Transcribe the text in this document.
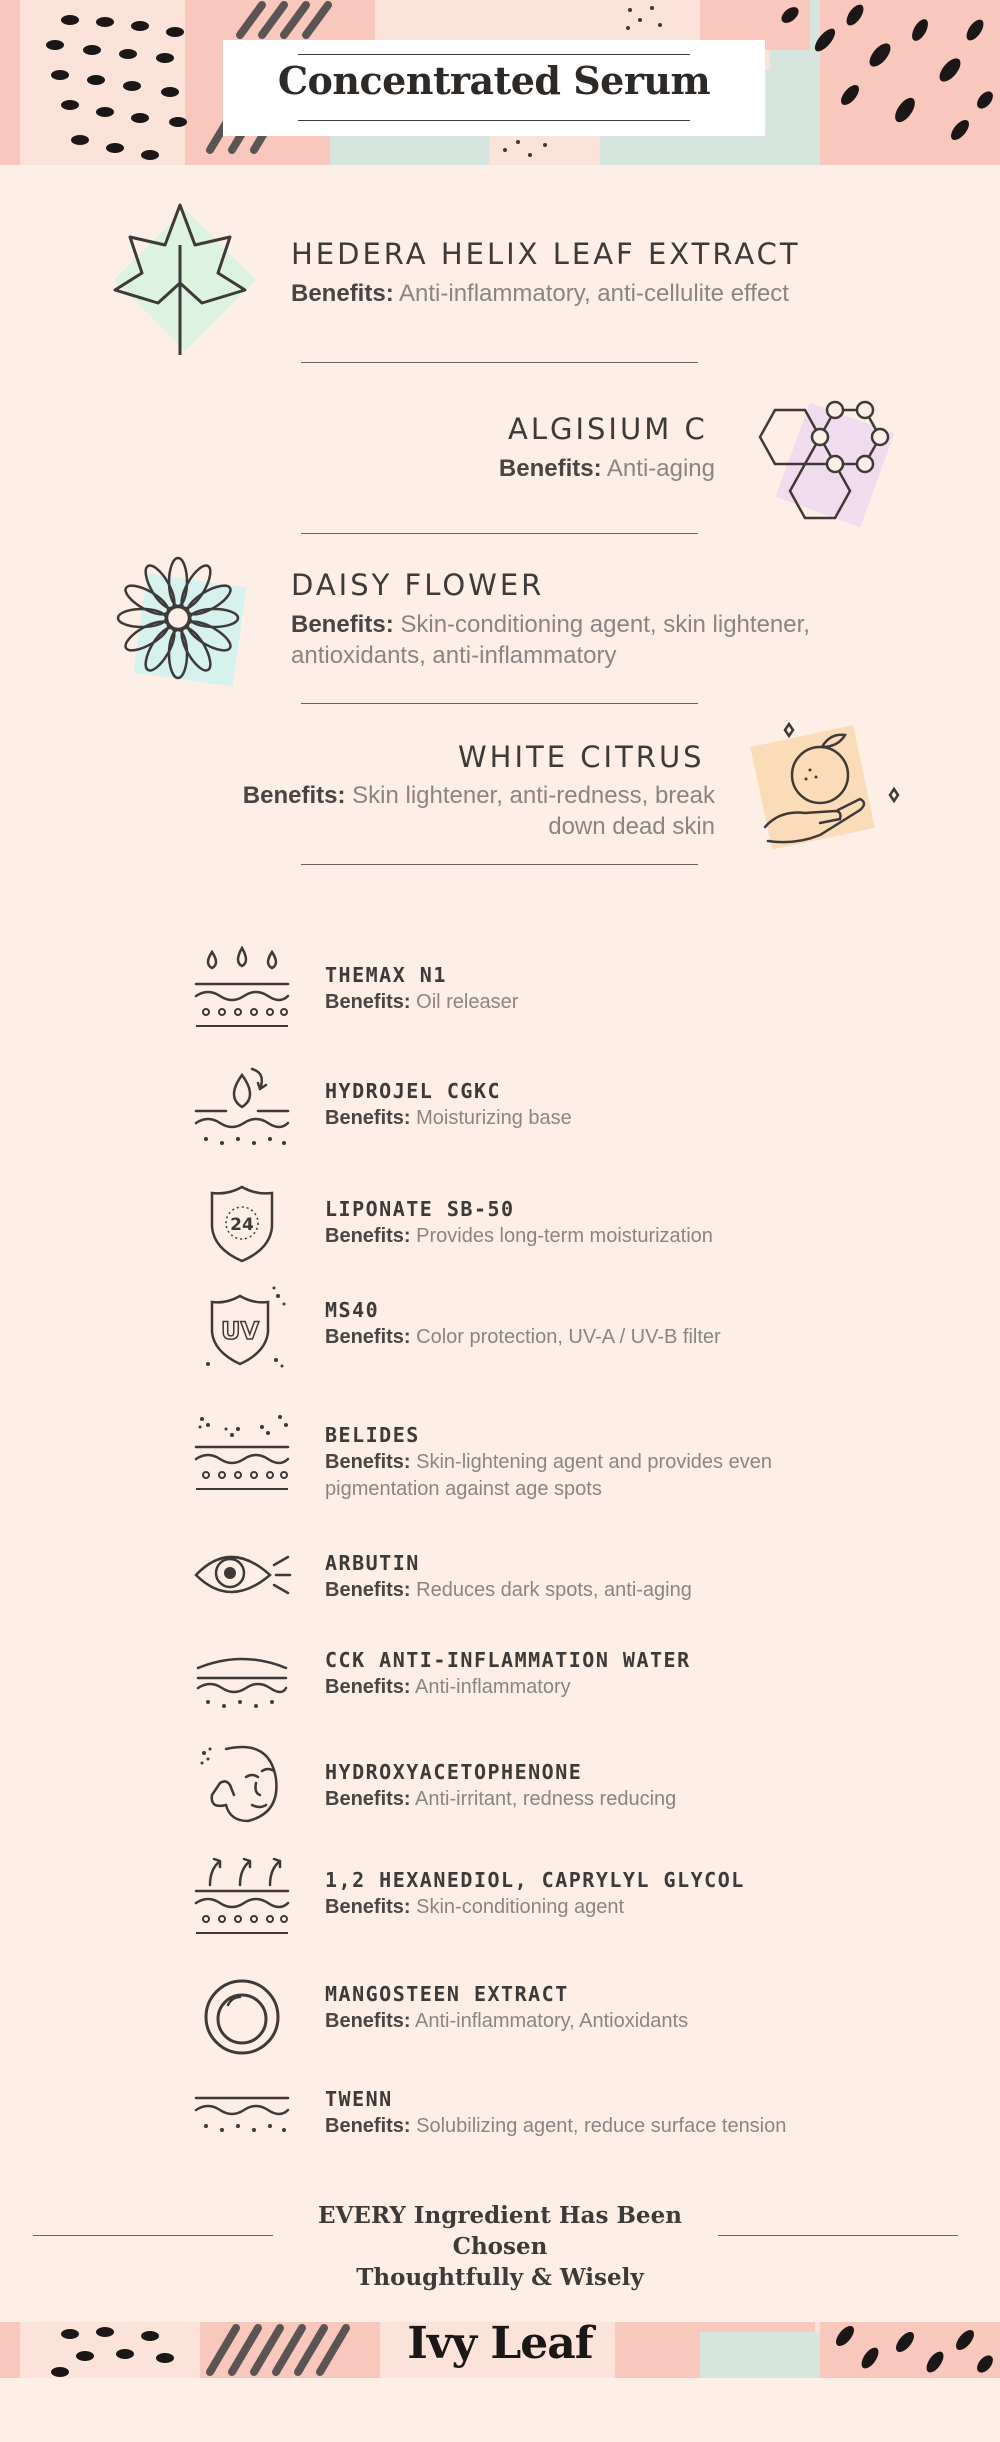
Concentrated Serum
HEDERA HELIX LEAF EXTRACT
Benefits: Anti-inflammatory, anti-cellulite effect
ALGISIUM C
Benefits: Anti-aging
DAISY FLOWER
Benefits: Skin-conditioning agent, skin lightener,
antioxidants, anti-inflammatory
WHITE CITRUS
Benefits: Skin lightener, anti-redness, break
down dead skin
THEMAX N1
Benefits: Oil releaser
HYDROJEL CGKC
Benefits: Moisturizing base
24
LIPONATE SB-50
Benefits: Provides long-term moisturization
UV
MS40
Benefits: Color protection, UV-A / UV-B filter
BELIDES
Benefits: Skin-lightening agent and provides even
pigmentation against age spots
ARBUTIN
Benefits: Reduces dark spots, anti-aging
CCK ANTI-INFLAMMATION WATER
Benefits: Anti-inflammatory
HYDROXYACETOPHENONE
Benefits: Anti-irritant, redness reducing
1,2 HEXANEDIOL, CAPRYLYL GLYCOL
Benefits: Skin-conditioning agent
MANGOSTEEN EXTRACT
Benefits: Anti-inflammatory, Antioxidants
TWENN
Benefits: Solubilizing agent, reduce surface tension
EVERY Ingredient Has Been Chosen
Thoughtfully & Wisely
Ivy Leaf
